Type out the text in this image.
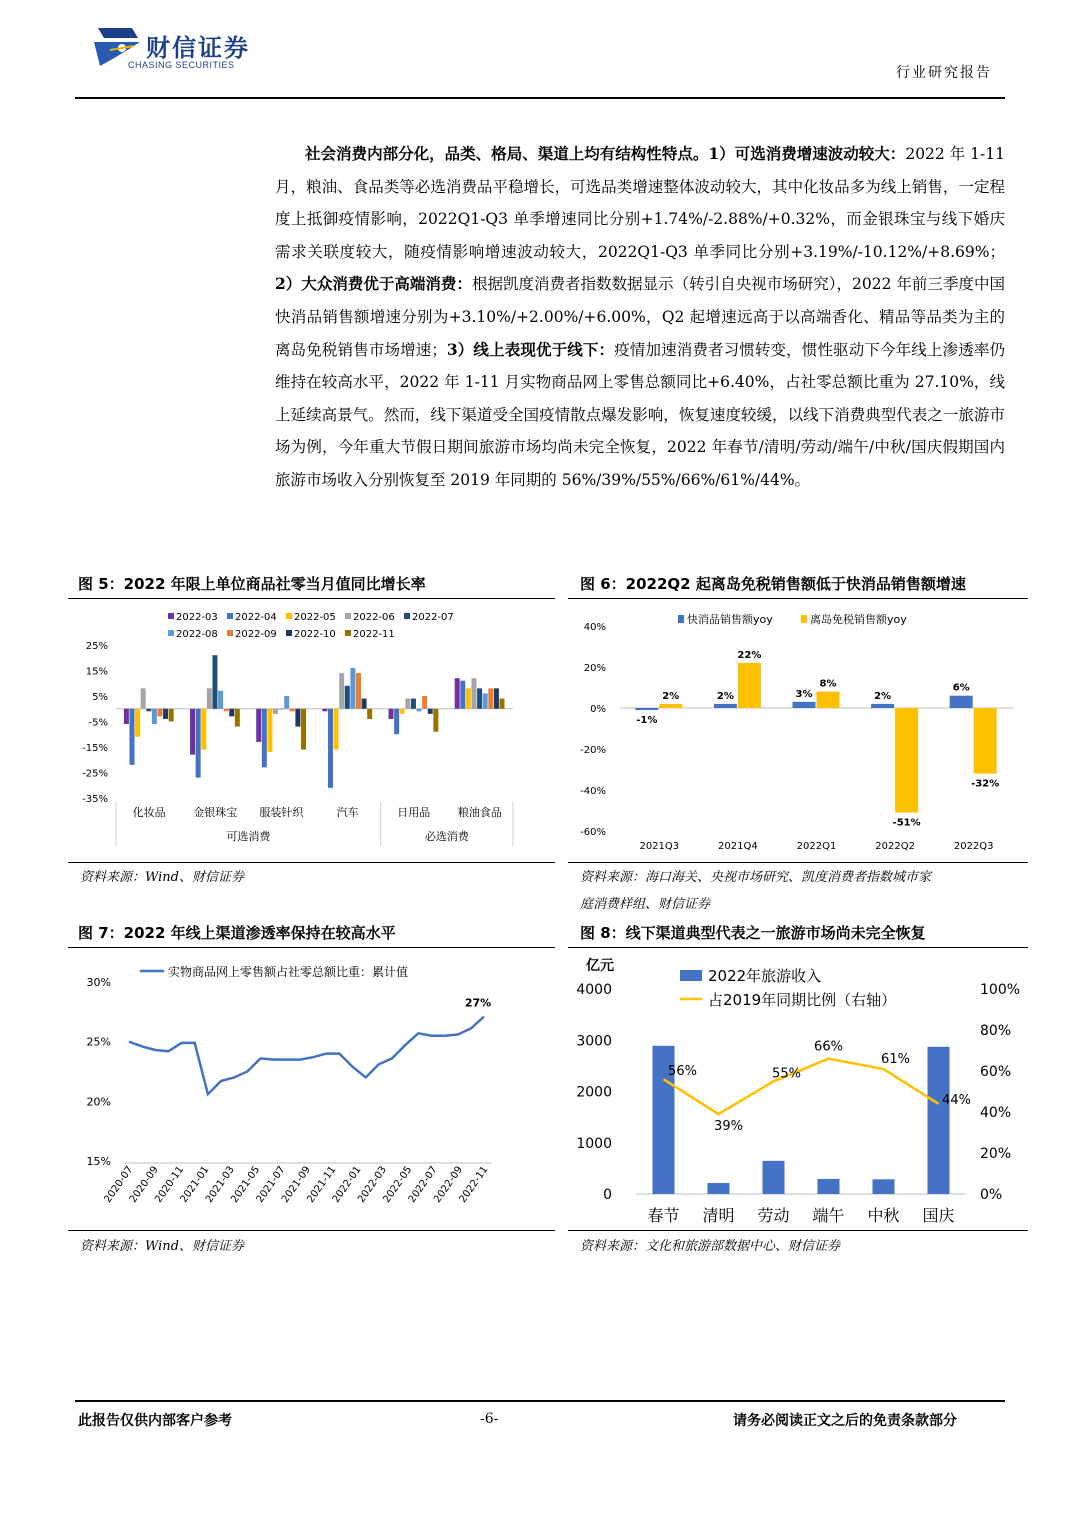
财信证券
CHASING SECURITIES	行业研究报告
社会消费内部分化，品类、格局、渠道上均有结构性特点。1）可选消费增速波动较大：2022 年 1-11 月，粮油、食品类等必选消费品平稳增长，可选品类增速整体波动较大，其中化妆品多为线上销售，一定程度上抵御疫情影响，2022Q1-Q3 单季增速同比分别+1.74%/-2.88%/+0.32%，而金银珠宝与线下婚庆需求关联度较大，随疫情影响增速波动较大，2022Q1-Q3 单季同比分别+3.19%/-10.12%/+8.69%；2）大众消费优于高端消费：根据凯度消费者指数数据显示（转引自央视市场研究），2022 年前三季度中国快消品销售额增速分别为+3.10%/+2.00%/+6.00%，Q2 起增速远高于以高端香化、精品等品类为主的离岛免税销售市场增速；3）线上表现优于线下：疫情加速消费者习惯转变，惯性驱动下今年线上渗透率仍维持在较高水平，2022 年 1-11 月实物商品网上零售总额同比+6.40%，占社零总额比重为 27.10%，线上延续高景气。然而，线下渠道受全国疫情散点爆发影响，恢复速度较缓，以线下消费典型代表之一旅游市场为例，今年重大节假日期间旅游市场均尚未完全恢复，2022 年春节/清明/劳动/端午/中秋/国庆假期国内旅游市场收入分别恢复至 2019 年同期的 56%/39%/55%/66%/61%/44%。
图 5：2022 年限上单位商品社零当月值同比增长率
25%
15%
5%
-5%
-15%
-25%
-35%
化妆品	金银珠宝 服装针织	汽车	日用品	粮油食品
可选消费	必选消费
2022-03 2022-04 2022-05 2022-06 2022-07
2022-08 2022-09 2022-10 2022-11
资料来源：Wind、财信证券
图 6：2022Q2 起离岛免税销售额低于快消品销售额增速
40%
20%
0%
-20%
-40%
-60%
-1%
2%	3%	2%
6%
2%
22%
8%
-51%
-32%
2021Q3	2021Q4	2022Q1	2022Q2	2022Q3
快消品销售额yoy	离岛免税销售额yoy
资料来源：海口海关、央视市场研究、凯度消费者指数城市家
庭消费样组、财信证券
图 7：2022 年线上渠道渗透率保持在较高水平
30%
25%
20%
15%
2020-07
2020-09
2020-11
2021-01
2021-03
2021-05
2021-07
2021-09
2021-11
2022-01
2022-03
2022-05
2022-07
2022-09
2022-11
实物商品网上零售额占社零总额比重：累计值
27%
资料来源：Wind、财信证券
图 8：线下渠道典型代表之一旅游市场尚未完全恢复
亿元
4000
3000
2000
1000
0
100%
80%
60%
40%
20%
0%
56%
39%
55%
66%
61%
44%
春节 清明 劳动 端午 中秋 国庆
2022年旅游收入
占2019年同期比例（右轴）
资料来源：文化和旅游部数据中心、财信证券
此报告仅供内部客户参考	-6-	请务必阅读正文之后的免责条款部分
